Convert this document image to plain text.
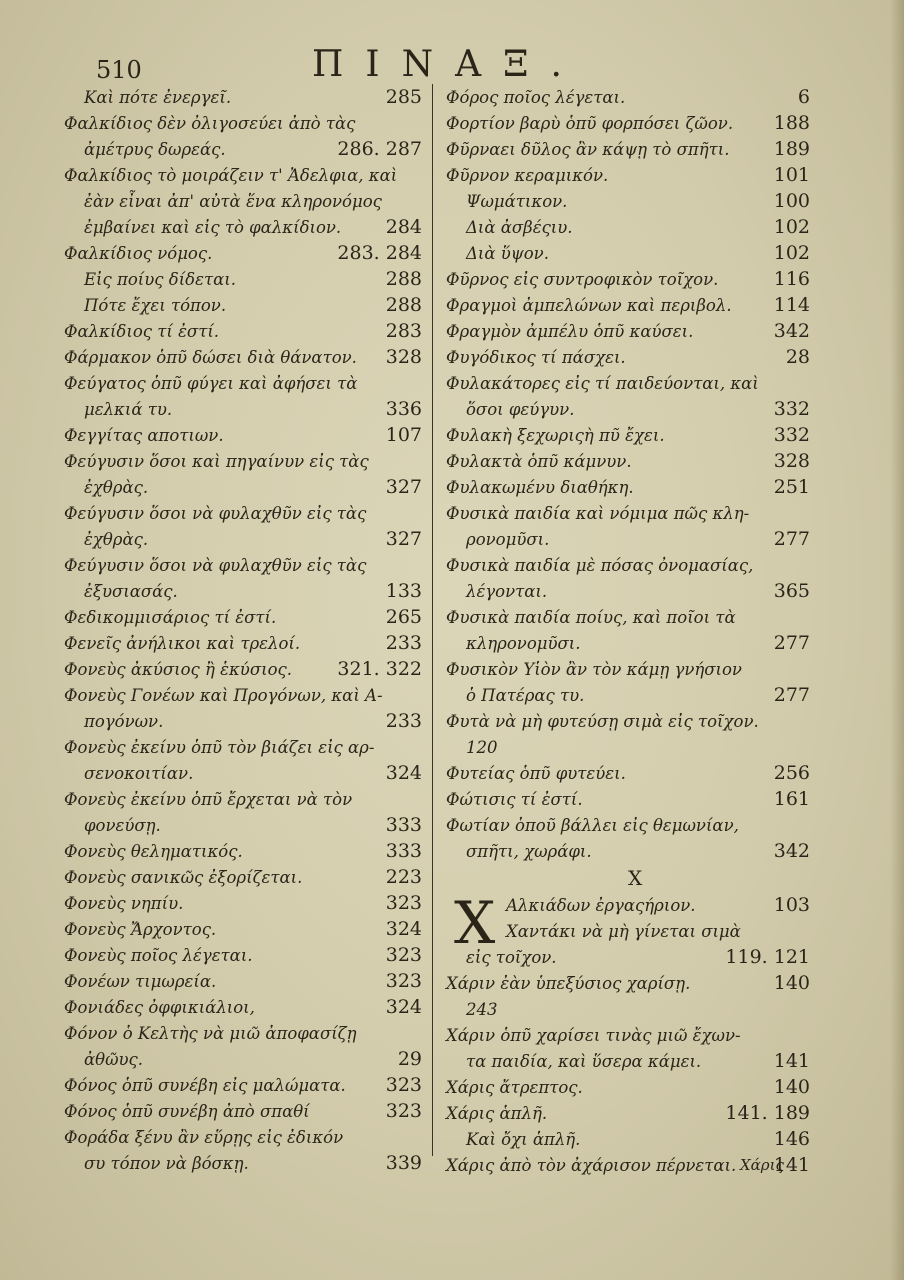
510	ΠΙΝΑΞ.
Καὶ πότε ἐνεργεῖ.	285
Φαλκίδιος δὲν ὀλιγοσεύει ἀπὸ τὰς
ἀμέτρυς δωρεάς.	286. 287
Φαλκίδιος τὸ μοιράζειν τ' Ἀδελφια, καὶ
ἐὰν εἶναι ἀπ' αὐτὰ ἕνα κληρονόμος
ἐμβαίνει καὶ εἰς τὸ φαλκίδιον. 284
Φαλκίδιος νόμος.	283. 284
Εἰς ποίυς δίδεται.	288
Πότε ἔχει τόπον.	288
Φαλκίδιος τί ἐστί.	283
Φάρμακον ὁπῦ δώσει διὰ θάνατον. 328
Φεύγατος ὁπῦ φύγει καὶ ἀφήσει τὰ
μελκιά τυ.	336
Φεγγίτας αποτιων.	107
Φεύγυσιν ὅσοι καὶ πηγαίνυν εἰς τὰς
ἐχθρὰς.	327
Φεύγυσιν ὅσοι νὰ φυλαχθῦν εἰς τὰς
ἐχθρὰς.	327
Φεύγυσιν ὅσοι νὰ φυλαχθῦν εἰς τὰς
ἐξυσιασάς.	133
Φεδικομμισάριος τί ἐστί.	265
Φενεῖς ἀνήλικοι καὶ τρελοί.	233
Φονεὺς ἀκύσιος ἢ ἑκύσιος. 321. 322
Φονεὺς Γονέων καὶ Προγόνων, καὶ Α-
πογόνων.	233
Φονεὺς ἐκείνυ ὁπῦ τὸν βιάζει εἰς αρ-
σενοκοιτίαν.	324
Φονεὺς ἐκείνυ ὁπῦ ἔρχεται νὰ τὸν
φονεύσῃ.	333
Φονεὺς θεληματικός.	333
Φονεὺς σανικῶς ἐξορίζεται.	223
Φονεὺς νηπίυ.	323
Φονεὺς Ἄρχοντος.	324
Φονεὺς ποῖος λέγεται.	323
Φονέων τιμωρεία.	323
Φονιάδες ὀφφικιάλιοι,	324
Φόνον ὁ Κελτὴς νὰ μιῶ ἀποφασίζῃ
ἀθῶυς.	29
Φόνος ὁπῦ συνέβη εἰς μαλώματα. 323
Φόνος ὁπῦ συνέβη ἀπὸ σπαθί	323
Φοράδα ξένυ ἂν εὕρῃς εἰς ἐδικόν
συ τόπον νὰ βόσκῃ.	339
Φόρος ποῖος λέγεται.	6
Φορτίον βαρὺ ὁπῦ φορπόσει ζῶον. 188
Φῦρναει δῦλος ἂν κάψῃ τὸ σπῆτι. 189
Φῦρνον κεραμικόν.	101
Ψωμάτικον.	100
Διὰ ἀσβέςιυ.	102
Διὰ ὕψον.	102
Φῦρνος εἰς συντροφικὸν τοῖχον.	116
Φραγμοὶ ἀμπελώνων καὶ περιβολ. 114
Φραγμὸν ἀμπέλυ ὁπῦ καύσει.	342
Φυγόδικος τί πάσχει.	28
Φυλακάτορες εἰς τί παιδεύονται, καὶ
ὅσοι φεύγυν.	332
Φυλακὴ ξεχωριςὴ πῦ ἔχει.	332
Φυλακτὰ ὁπῦ κάμνυν.	328
Φυλακωμένυ διαθήκη.	251
Φυσικὰ παιδία καὶ νόμιμα πῶς κλη-
ρονομῦσι.	277
Φυσικὰ παιδία μὲ πόσας ὀνομασίας,
λέγονται.	365
Φυσικὰ παιδία ποίυς, καὶ ποῖοι τὰ
κληρονομῦσι.	277
Φυσικὸν Υἱὸν ἂν τὸν κάμῃ γνήσιον
ὁ Πατέρας τυ.	277
Φυτὰ νὰ μὴ φυτεύσῃ σιμὰ εἰς τοῖχον.
120
Φυτείας ὁπῦ φυτεύει.	256
Φώτισις τί ἐστί.	161
Φωτίαν ὁποῦ βάλλει εἰς θεμωνίαν,
σπῆτι, χωράφι.	342
Χ
Χ Αλκιάδων ἐργαςήριον.	103
Χαντάκι νὰ μὴ γίνεται σιμὰ
εἰς τοῖχον.	119. 121
Χάριν ἐὰν ὑπεξύσιος χαρίσῃ.	140
243
Χάριν ὁπῦ χαρίσει τινὰς μιῶ ἔχων-
τα παιδία, καὶ ὕσερα κάμει.	141
Χάρις ἄτρεπτος.	140
Χάρις ἁπλῆ.	141. 189
Καὶ ὄχι ἁπλῆ.	146
Χάρις ἀπὸ τὸν ἀχάρισον πέρνεται. 141
Χάρις
